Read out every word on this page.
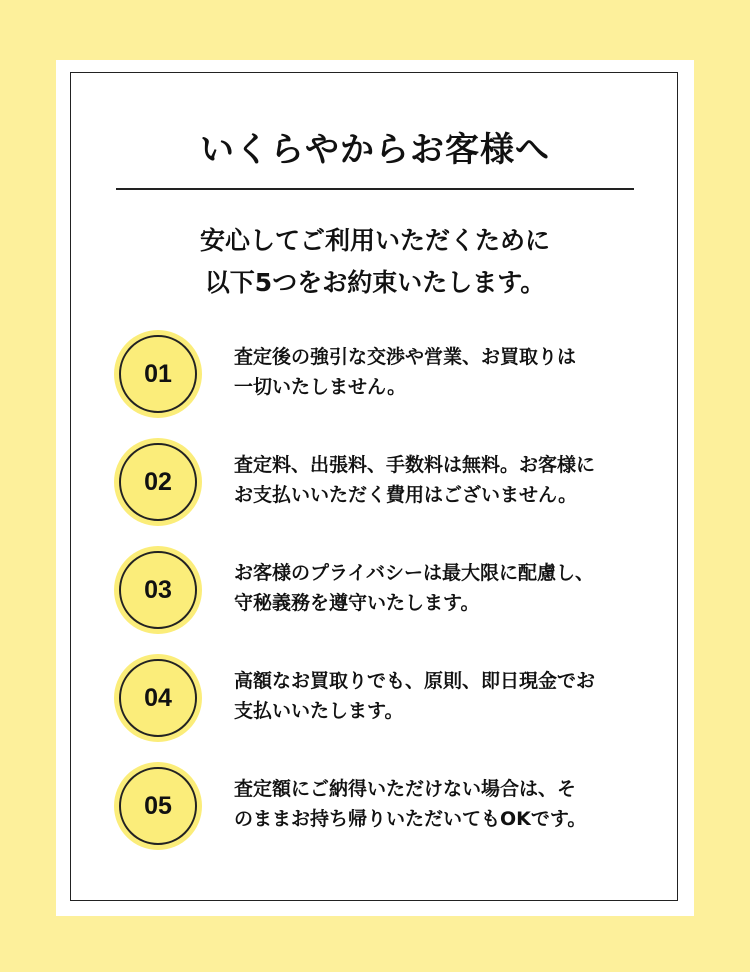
いくらやからお客様へ
安心してご利用いただくために
以下5つをお約束いたします。
01
査定後の強引な交渉や営業、お買取りは
一切いたしません。
02
査定料、出張料、手数料は無料。お客様に
お支払いいただく費用はございません。
03
お客様のプライバシーは最大限に配慮し、
守秘義務を遵守いたします。
04
高額なお買取りでも、原則、即日現金でお
支払いいたします。
05
査定額にご納得いただけない場合は、そ
のままお持ち帰りいただいてもOKです。
